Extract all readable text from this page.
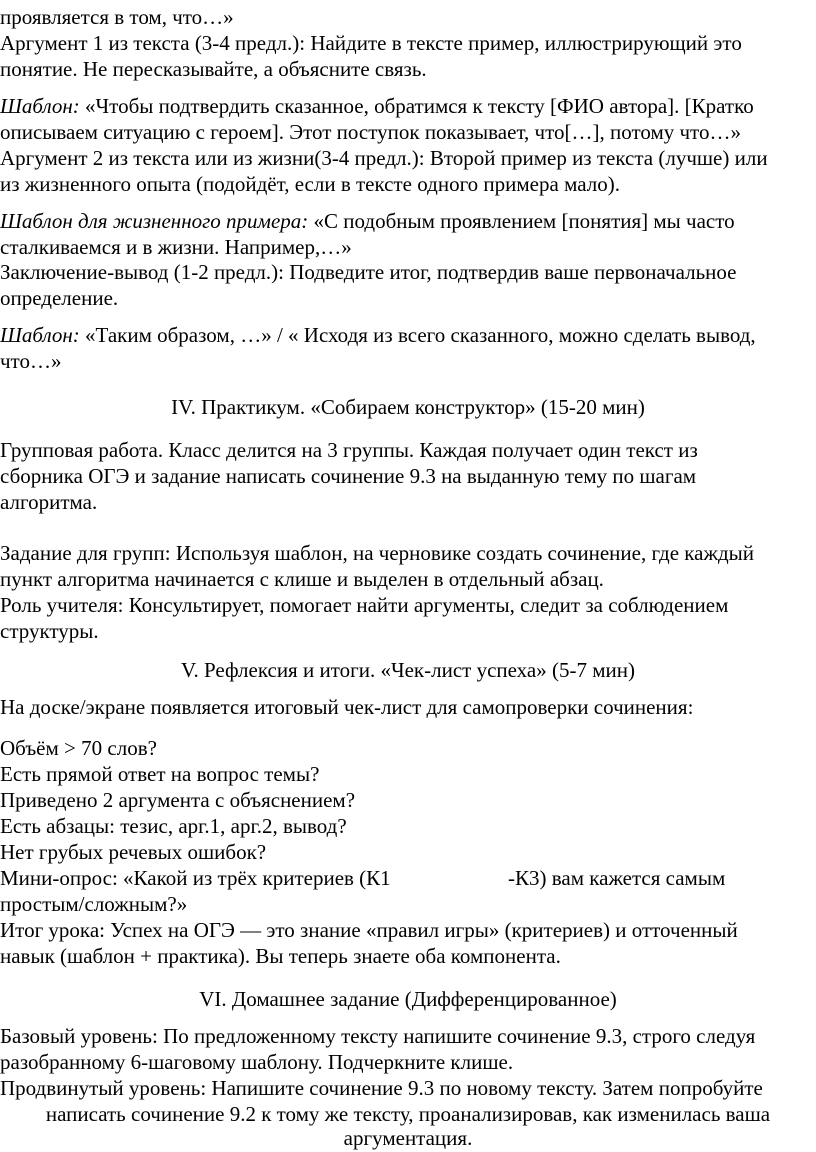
проявляется в том, что…»
Аргумент 1 из текста (3-4 предл.): Найдите в тексте пример, иллюстрирующий это
понятие. Не пересказывайте, а объясните связь.
Шаблон: «Чтобы подтвердить сказанное, обратимся к тексту [ФИО автора]. [Кратко
описываем ситуацию с героем]. Этот поступок показывает, что[…], потому что…»
Аргумент 2 из текста или из жизни(3-4 предл.): Второй пример из текста (лучше) или
из жизненного опыта (подойдёт, если в тексте одного примера мало).
Шаблон для жизненного примера: «С подобным проявлением [понятия] мы часто
сталкиваемся и в жизни. Например,…»
Заключение-вывод (1-2 предл.): Подведите итог, подтвердив ваше первоначальное
определение.
Шаблон: «Таким образом, …» / « Исходя из всего сказанного, можно сделать вывод,
что…»
IV. Практикум. «Собираем конструктор» (15-20 мин)
Групповая работа. Класс делится на 3 группы. Каждая получает один текст из
сборника ОГЭ и задание написать сочинение 9.3 на выданную тему по шагам
алгоритма.
Задание для групп: Используя шаблон, на черновике создать сочинение, где каждый
пункт алгоритма начинается с клише и выделен в отдельный абзац.
Роль учителя: Консультирует, помогает найти аргументы, следит за соблюдением
структуры.
V. Рефлексия и итоги. «Чек-лист успеха» (5-7 мин)
На доске/экране появляется итоговый чек-лист для самопроверки сочинения:
Объём > 70 слов?
Есть прямой ответ на вопрос темы?
Приведено 2 аргумента с объяснением?
Есть абзацы: тезис, арг.1, арг.2, вывод?
Нет грубых речевых ошибок?
Мини-опрос: «Какой из трёх критериев (К1	-К3) вам кажется самым
простым/сложным?»
Итог урока: Успех на ОГЭ — это знание «правил игры» (критериев) и отточенный
навык (шаблон + практика). Вы теперь знаете оба компонента.
VI. Домашнее задание (Дифференцированное)
Базовый уровень: По предложенному тексту напишите сочинение 9.3, строго следуя
разобранному 6-шаговому шаблону. Подчеркните клише.
Продвинутый уровень: Напишите сочинение 9.3 по новому тексту. Затем попробуйте
написать сочинение 9.2 к тому же тексту, проанализировав, как изменилась ваша
аргументация.
